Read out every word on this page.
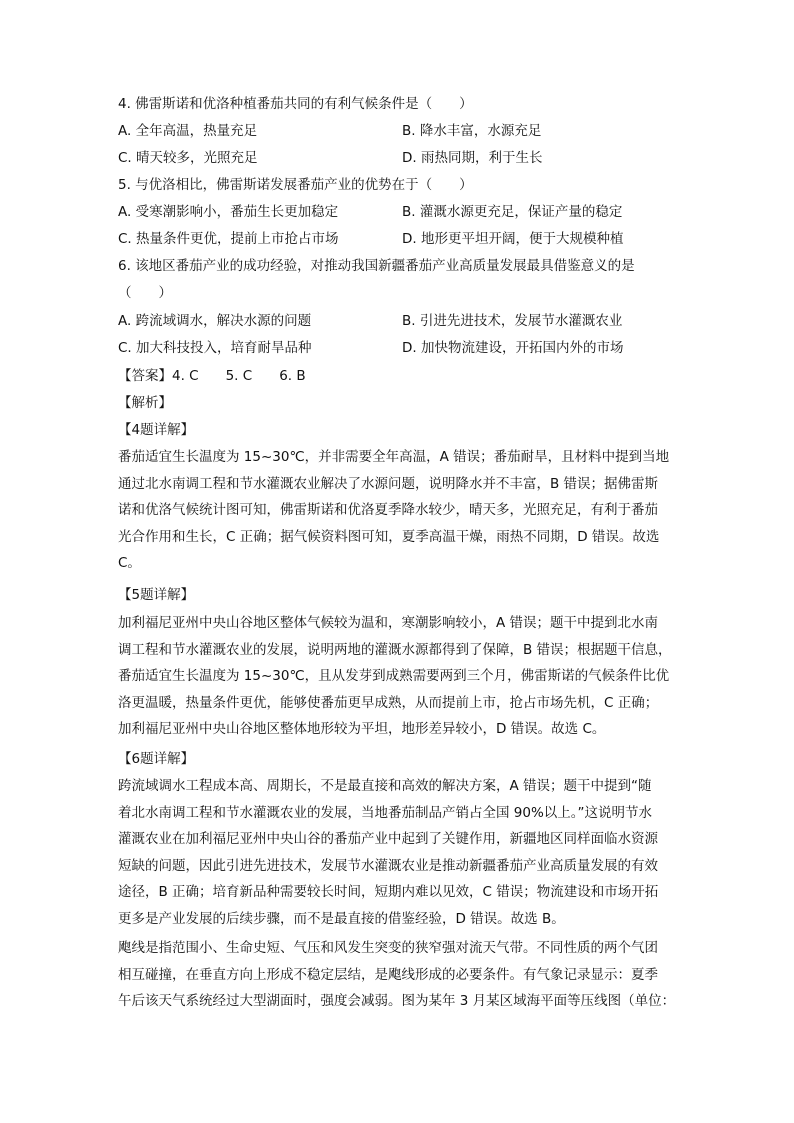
4. 佛雷斯诺和优洛种植番茄共同的有利气候条件是（　　）
A. 全年高温，热量充足	B. 降水丰富，水源充足
C. 晴天较多，光照充足	D. 雨热同期，利于生长
5. 与优洛相比，佛雷斯诺发展番茄产业的优势在于（　　）
A. 受寒潮影响小，番茄生长更加稳定	B. 灌溉水源更充足，保证产量的稳定
C. 热量条件更优，提前上市抢占市场	D. 地形更平坦开阔，便于大规模种植
6. 该地区番茄产业的成功经验，对推动我国新疆番茄产业高质量发展最具借鉴意义的是
（　　）
A. 跨流域调水，解决水源的问题	B. 引进先进技术，发展节水灌溉农业
C. 加大科技投入，培育耐旱品种	D. 加快物流建设，开拓国内外的市场
【答案】4. C　　5. C　　6. B
【解析】
【4题详解】
番茄适宜生长温度为 15~30℃，并非需要全年高温，A 错误；番茄耐旱，且材料中提到当地
通过北水南调工程和节水灌溉农业解决了水源问题，说明降水并不丰富，B 错误；据佛雷斯
诺和优洛气候统计图可知，佛雷斯诺和优洛夏季降水较少，晴天多，光照充足，有利于番茄
光合作用和生长，C 正确；据气候资料图可知，夏季高温干燥，雨热不同期，D 错误。故选
C。
【5题详解】
加利福尼亚州中央山谷地区整体气候较为温和，寒潮影响较小，A 错误；题干中提到北水南
调工程和节水灌溉农业的发展，说明两地的灌溉水源都得到了保障，B 错误；根据题干信息，
番茄适宜生长温度为 15~30℃，且从发芽到成熟需要两到三个月，佛雷斯诺的气候条件比优
洛更温暖，热量条件更优，能够使番茄更早成熟，从而提前上市，抢占市场先机，C 正确；
加利福尼亚州中央山谷地区整体地形较为平坦，地形差异较小，D 错误。故选 C。
【6题详解】
跨流域调水工程成本高、周期长，不是最直接和高效的解决方案，A 错误；题干中提到“随
着北水南调工程和节水灌溉农业的发展，当地番茄制品产销占全国 90%以上。”这说明节水
灌溉农业在加利福尼亚州中央山谷的番茄产业中起到了关键作用，新疆地区同样面临水资源
短缺的问题，因此引进先进技术，发展节水灌溉农业是推动新疆番茄产业高质量发展的有效
途径，B 正确；培育新品种需要较长时间，短期内难以见效，C 错误；物流建设和市场开拓
更多是产业发展的后续步骤，而不是最直接的借鉴经验，D 错误。故选 B。
飑线是指范围小、生命史短、气压和风发生突变的狭窄强对流天气带。不同性质的两个气团
相互碰撞，在垂直方向上形成不稳定层结，是飑线形成的必要条件。有气象记录显示：夏季
午后该天气系统经过大型湖面时，强度会减弱。图为某年 3 月某区域海平面等压线图（单位：
